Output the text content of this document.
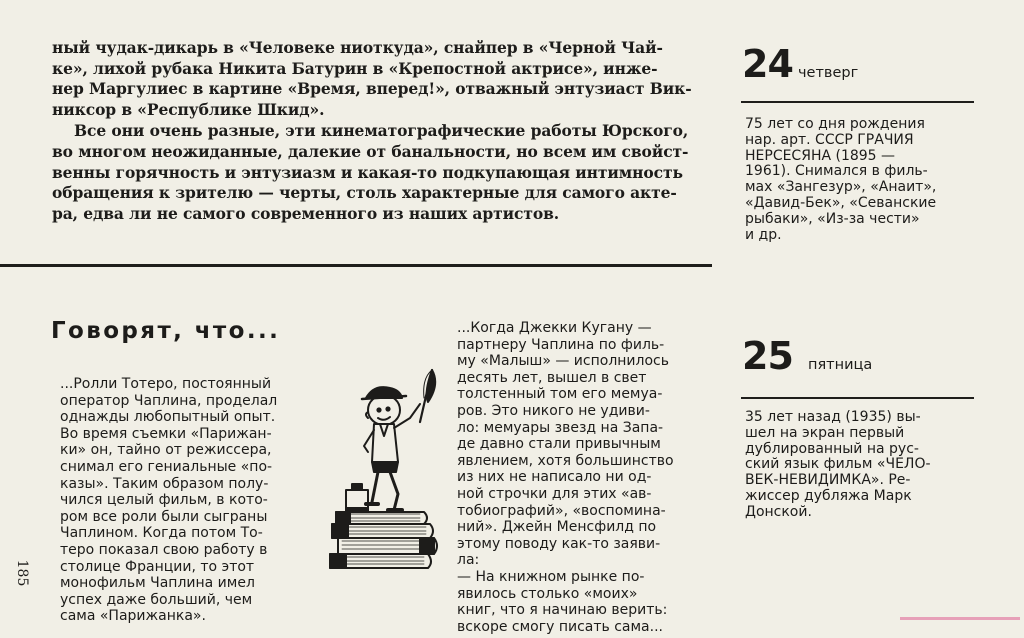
ный чудак-дикарь в «Человеке ниоткуда», снайпер в «Черной Чай-
ке», лихой рубака Никита Батурин в «Крепостной актрисе», инже-
нер Маргулиес в картине «Время, вперед!», отважный энтузиаст Вик-
никсор в «Республике Шкид».

Все они очень разные, эти кинематографические работы Юрского,
во многом неожиданные, далекие от банальности, но всем им свойст-
венны горячность и энтузиазм и какая-то подкупающая интимность
обращения к зрителю — черты, столь характерные для самого акте-
ра, едва ли не самого современного из наших артистов.

24 четверг
75 лет со дня рождения
нар. арт. СССР ГРАЧИЯ
НЕРСЕСЯНА (1895 —
1961). Снимался в филь-
мах «Зангезур», «Анаит»,
«Давид-Бек», «Севанские
рыбаки», «Из-за чести»
и др.
25 пятница
35 лет назад (1935) вы-
шел на экран первый
дублированный на рус-
ский язык фильм «ЧЕЛО-
ВЕК-НЕВИДИМКА». Ре-
жиссер дубляжа Марк
Донской.
Говорят, что...
...Ролли Тотеро, постоянный
оператор Чаплина, проделал
однажды любопытный опыт.
Во время съемки «Парижан-
ки» он, тайно от режиссера,
снимал его гениальные «по-
казы». Таким образом полу-
чился целый фильм, в кото-
ром все роли были сыграны
Чаплином. Когда потом То-
теро показал свою работу в
столице Франции, то этот
монофильм Чаплина имел
успех даже больший, чем
сама «Парижанка».
...Когда Джекки Кугану —
партнеру Чаплина по филь-
му «Малыш» — исполнилось
десять лет, вышел в свет
толстенный том его мемуа-
ров. Это никого не удиви-
ло: мемуары звезд на Запа-
де давно стали привычным
явлением, хотя большинство
из них не написало ни од-
ной строчки для этих «ав-
тобиографий», «воспомина-
ний». Джейн Менсфилд по
этому поводу как-то заяви-
ла:
— На книжном рынке по-
явилось столько «моих»
книг, что я начинаю верить:
вскоре смогу писать сама...
185
